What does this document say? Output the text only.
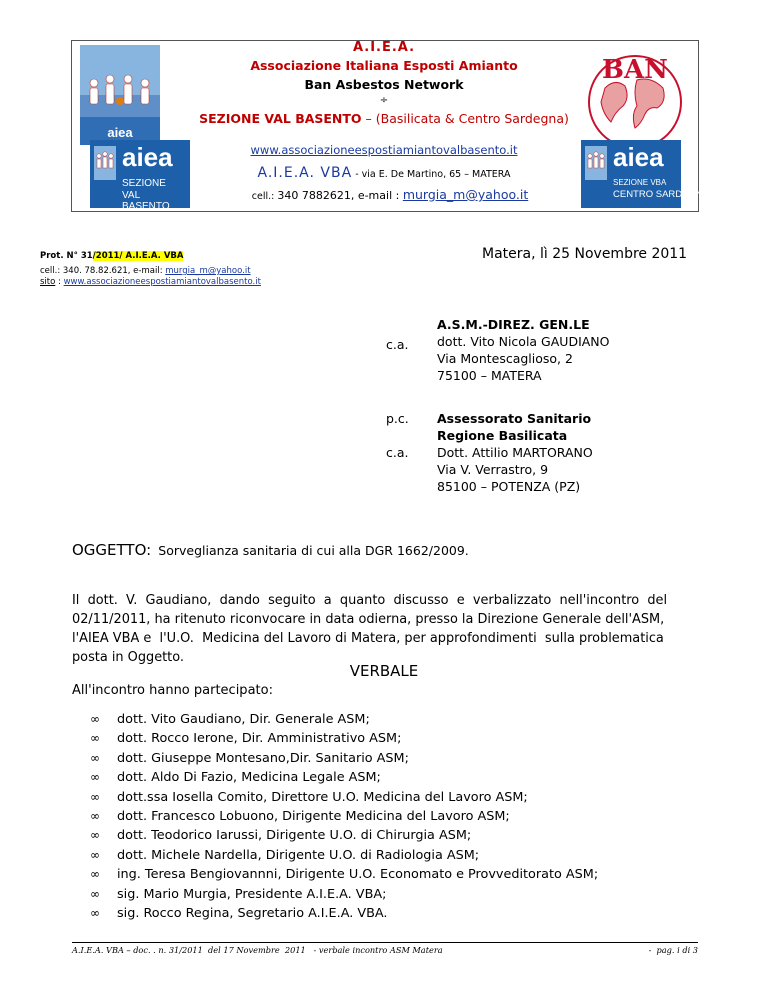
aiea
BAN
A.I.E.A.
Associazione Italiana Esposti Amianto
Ban Asbestos Network
÷
SEZIONE VAL BASENTO – (Basilicata & Centro Sardegna)
www.associazioneespostiamiantovalbasento.it
A.I.E.A. VBA - via E. De Martino, 65 – MATERA
cell.: 340 7882621, e-mail : murgia_m@yahoo.it
aiea
SEZIONE
VAL BASENTO
aiea
SEZIONE VBA
CENTRO SARDEGNA
Prot. N° 31/2011/ A.I.E.A. VBA	Matera, lì 25 Novembre 2011
cell.: 340. 78.82.621, e-mail: murgia_m@yahoo.it
sito : www.associazioneespostiamiantovalbasento.it
c.a.
A.S.M.-DIREZ. GEN.LE
dott. Vito Nicola GAUDIANO
Via Montescaglioso, 2
75100 – MATERA
p.c.
c.a.
Assessorato Sanitario
Regione Basilicata
Dott. Attilio MARTORANO
Via V. Verrastro, 9
85100 – POTENZA (PZ)
OGGETTO: Sorveglianza sanitaria di cui alla DGR 1662/2009.
Il  dott.  V.  Gaudiano,  dando  seguito  a  quanto  discusso  e  verbalizzato  nell'incontro  del
02/11/2011, ha ritenuto riconvocare in data odierna, presso la Direzione Generale dell'ASM,
l'AIEA VBA e  l'U.O.  Medicina del Lavoro di Matera, per approfondimenti  sulla problematica
posta in Oggetto.
VERBALE
All'incontro hanno partecipato:
∞ dott. Vito Gaudiano, Dir. Generale ASM;
∞ dott. Rocco Ierone, Dir. Amministrativo ASM;
∞ dott. Giuseppe Montesano,Dir. Sanitario ASM;
∞ dott. Aldo Di Fazio, Medicina Legale ASM;
∞ dott.ssa Iosella Comito, Direttore U.O. Medicina del Lavoro ASM;
∞ dott. Francesco Lobuono, Dirigente Medicina del Lavoro ASM;
∞ dott. Teodorico Iarussi, Dirigente U.O. di Chirurgia ASM;
∞ dott. Michele Nardella, Dirigente U.O. di Radiologia ASM;
∞ ing. Teresa Bengiovannni, Dirigente U.O. Economato e Provveditorato ASM;
∞ sig. Mario Murgia, Presidente A.I.E.A. VBA;
∞ sig. Rocco Regina, Segretario A.I.E.A. VBA.
A.I.E.A. VBA – doc. . n. 31/2011  del 17 Novembre  2011   - verbale incontro ASM Matera	-  pag. i di 3
